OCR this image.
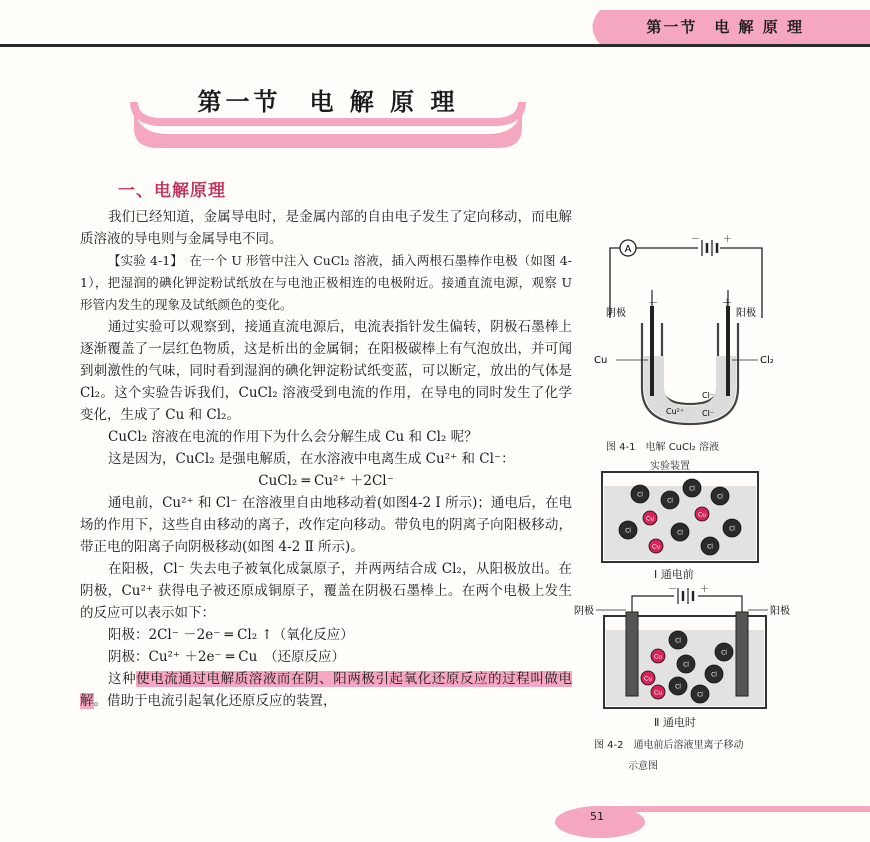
第一节　电 解 原 理
第一节　电 解 原 理
一、电解原理

我们已经知道，金属导电时，是金属内部的自由电子发生了定向移动，而电解质溶液的导电则与金属导电不同。

【实验 4-1】　 在一个 U 形管中注入 CuCl₂ 溶液，插入两根石墨棒作电极（如图 4-1），把湿润的碘化钾淀粉试纸放在与电池正极相连的电极附近。接通直流电源，观察 U 形管内发生的现象及试纸颜色的变化。

通过实验可以观察到，接通直流电源后，电流表指针发生偏转，阴极石墨棒上逐渐覆盖了一层红色物质，这是析出的金属铜；在阳极碳棒上有气泡放出，并可闻到刺激性的气味，同时看到湿润的碘化钾淀粉试纸变蓝，可以断定，放出的气体是 Cl₂。这个实验告诉我们，CuCl₂ 溶液受到电流的作用，在导电的同时发生了化学变化，生成了 Cu 和 Cl₂。

CuCl₂ 溶液在电流的作用下为什么会分解生成 Cu 和 Cl₂ 呢？

这是因为，CuCl₂ 是强电解质，在水溶液中电离生成 Cu²⁺ 和 Cl⁻：

CuCl₂ ═ Cu²⁺ ＋2Cl⁻

通电前，Cu²⁺ 和 Cl⁻ 在溶液里自由地移动着(如图4-2 Ⅰ 所示)；通电后，在电场的作用下，这些自由移动的离子，改作定向移动。带负电的阴离子向阳极移动，带正电的阳离子向阴极移动(如图 4-2 Ⅱ 所示)。

在阳极，Cl⁻ 失去电子被氧化成氯原子，并两两结合成 Cl₂，从阳极放出。在阴极，Cu²⁺ 获得电子被还原成铜原子，覆盖在阴极石墨棒上。在两个电极上发生的反应可以表示如下：

阳极：2Cl⁻ －2e⁻ ═ Cl₂ ↑（氧化反应）

阴极：Cu²⁺ ＋2e⁻ ═ Cu　（还原反应）

这种使电流通过电解质溶液而在阴、阳两极引起氧化还原反应的过程叫做电解。借助于电流引起氧化还原反应的装置，

A
－	＋
－	＋
阴极	阳极
Cu	Cl₂
Cu²⁺
Cl⁻
Cl⁻
图 4-1　电解 CuCl₂ 溶液
实验装置
Cl
Cl
Cl
Cl
Cu
Cu
Cl	Cl
Cl
Cu	Cl
Ⅰ 通电前
－	＋
阴极	阳极
Cl
Cl
Cu
Cl
Cl
Cu
Cl
Cl
Cu
Ⅱ 通电时
图 4-2　通电前后溶液里离子移动
示意图
51
